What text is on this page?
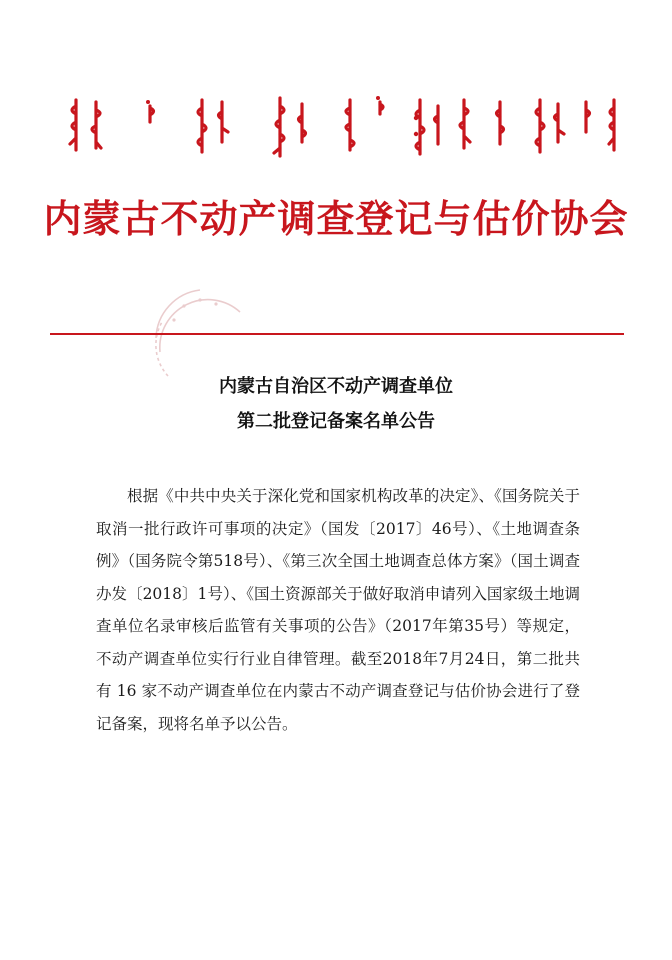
内蒙古不动产调查登记与估价协会
内蒙古自治区不动产调查单位
第二批登记备案名单公告
根据《中共中央关于深化党和国家机构改革的决定》、《国务院关于取消一批行政许可事项的决定》（国发〔2017〕46号）、《土地调查条例》（国务院令第518号）、《第三次全国土地调查总体方案》（国土调查办发〔2018〕1号）、《国土资源部关于做好取消申请列入国家级土地调查单位名录审核后监管有关事项的公告》（2017年第35号）等规定，不动产调查单位实行行业自律管理。截至2018年7月24日，第二批共有 16 家不动产调查单位在内蒙古不动产调查登记与估价协会进行了登记备案，现将名单予以公告。
